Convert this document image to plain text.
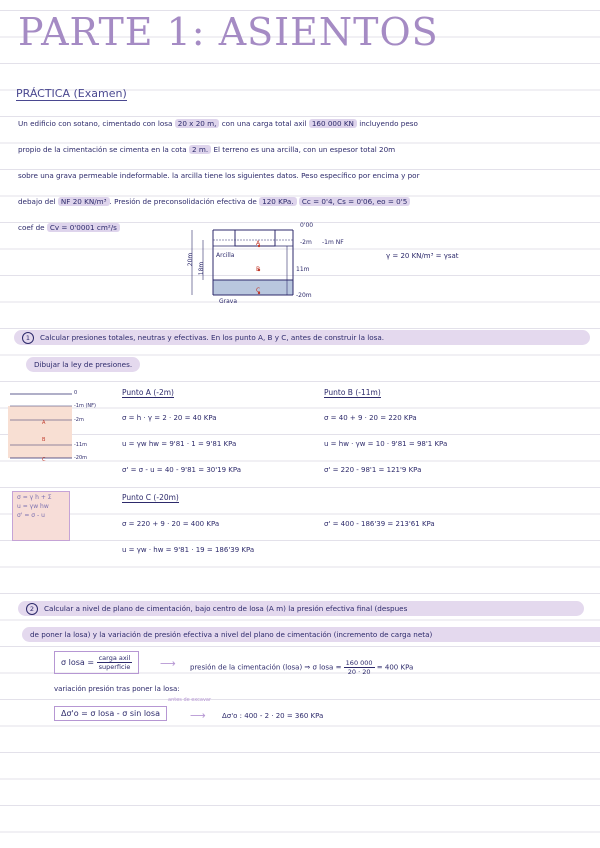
PARTE 1: ASIENTOS
PRÁCTICA (Examen)
Un edificio con sotano, cimentado con losa 20 x 20 m, con una carga total axil 160 000 KN incluyendo peso
propio de la cimentación se cimenta en la cota 2 m. El terreno es una arcilla, con un espesor total 20m
sobre una grava permeable indeformable. la arcilla tiene los siguientes datos. Peso específico por encima y por
debajo del NF 20 KN/m³ . Presión de preconsolidación efectiva de 120 KPa. Cc = 0'4, Cs = 0'06, eo = 0'5
coef de Cv = 0'0001 cm²/s	0'00
-2m -1m NF
Arcilla
Grava
20m
18m	11m
-20m
A
B
C
γ = 20 KN/m³ = γsat
1 Calcular presiones totales, neutras y efectivas. En los punto A, B y C, antes de construir la losa.
Dibujar la ley de presiones.
0
-1m (NF)
-2m
-11m
-20m
A
B
C
Punto A (-2m)
σ = h · γ = 2 · 20 = 40 KPa
u = γw hw = 9'81 · 1 = 9'81 KPa
σ' = σ - u = 40 - 9'81 = 30'19 KPa
Punto B (-11m)
σ = 40 + 9 · 20 = 220 KPa
u = hw · γw = 10 · 9'81 = 98'1 KPa
σ' = 220 - 98'1 = 121'9 KPa
σ = γ h + Σ
u = γw hw
σ' = σ - u
Punto C (-20m)
σ = 220 + 9 · 20 = 400 KPa	σ' = 400 - 186'39 = 213'61 KPa
u = γw · hw = 9'81 · 19 = 186'39 KPa
2 Calcular a nivel de plano de cimentación, bajo centro de losa (A m) la presión efectiva final (despues
de poner la losa) y la variación de presión efectiva a nivel del plano de cimentación (incremento de carga neta)
σ losa = $\frac{\text{carga axil}}{\text{superficie}}$	⟶ presión de la cimentación (losa) ⇒ σ losa = $\frac{160 000}{20 \cdot 20} = 400$ KPa
variación presión tras poner la losa:
antes de excavar
Δσ'o = σ losa - σ sin losa	⟶ Δσ'o : 400 - 2 · 20 = 360 KPa
